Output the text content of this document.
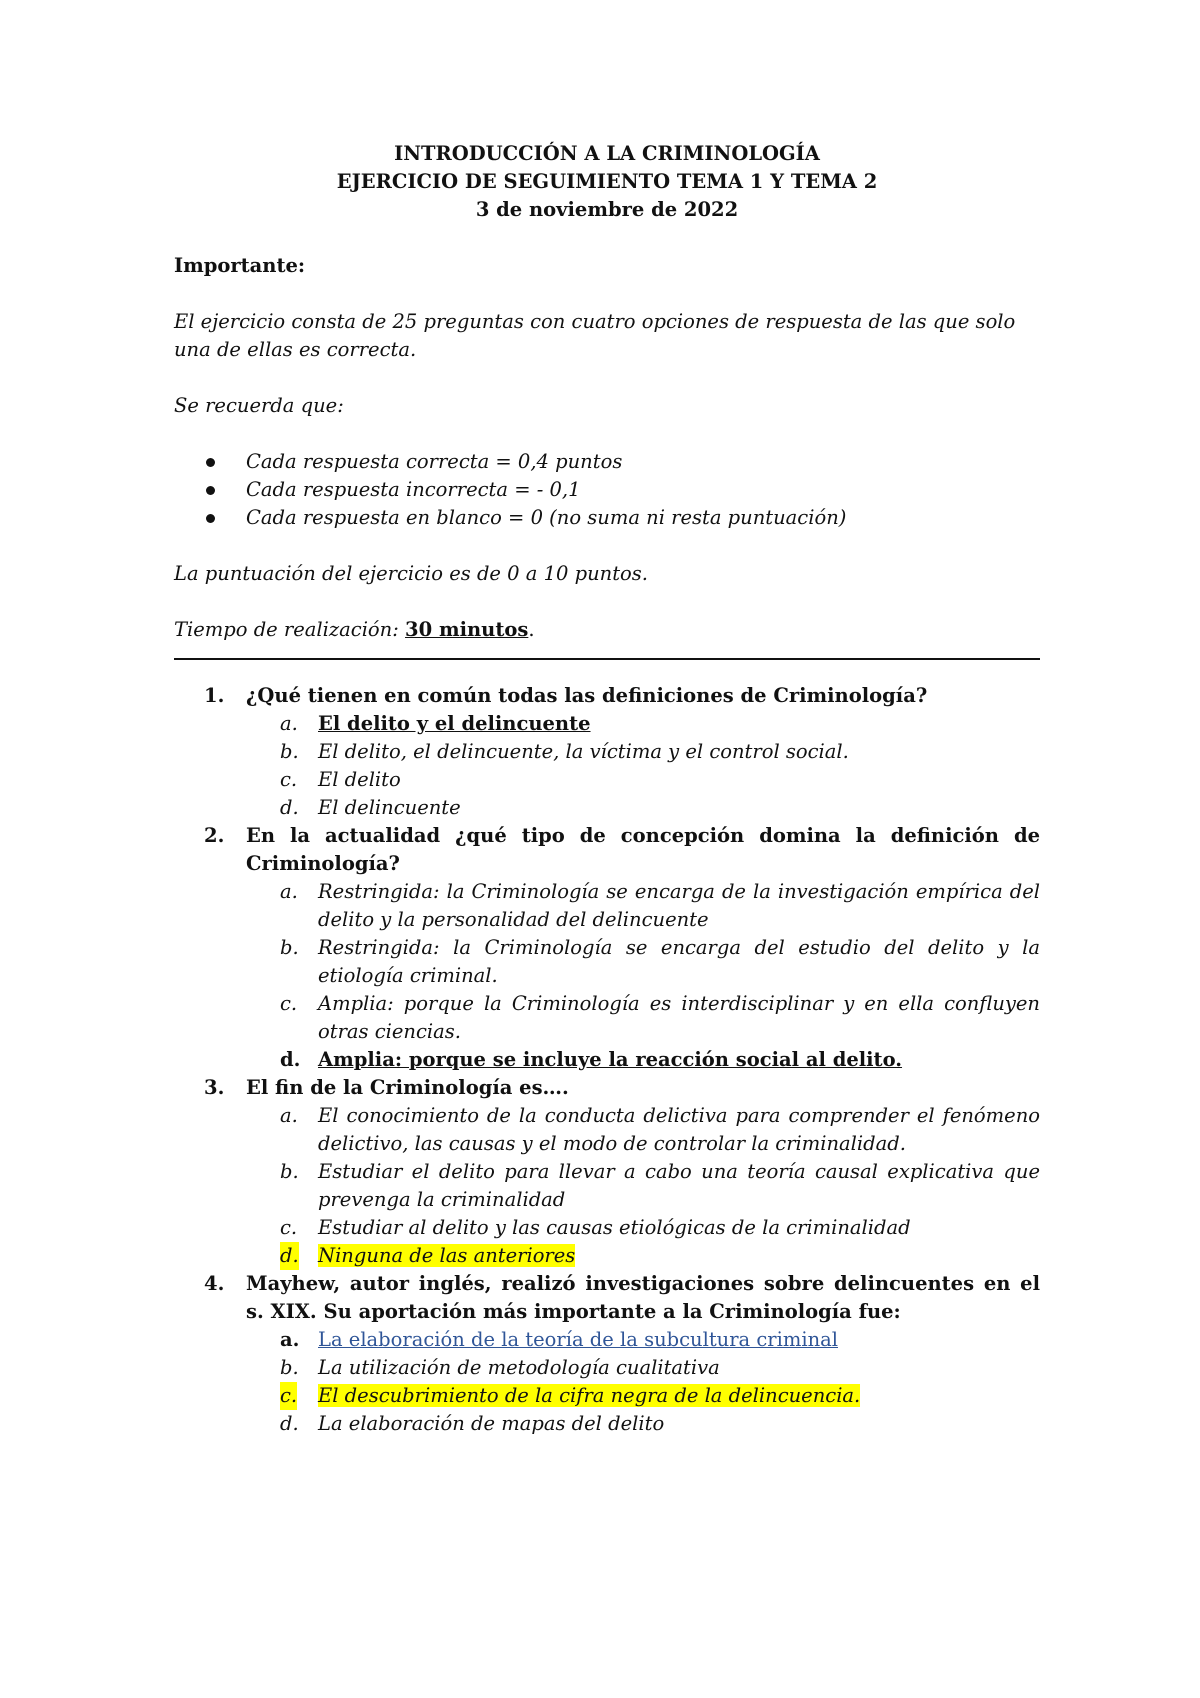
INTRODUCCIÓN A LA CRIMINOLOGÍA
EJERCICIO DE SEGUIMIENTO TEMA 1 Y TEMA 2
3 de noviembre de 2022

Importante:

El ejercicio consta de 25 preguntas con cuatro opciones de respuesta de las que solo una de ellas es correcta.

Se recuerda que:

Cada respuesta correcta = 0,4 puntos
Cada respuesta incorrecta = - 0,1
Cada respuesta en blanco = 0 (no suma ni resta puntuación)

La puntuación del ejercicio es de 0 a 10 puntos.

Tiempo de realización: 30 minutos.

1. ¿Qué tienen en común todas las definiciones de Criminología?
a. El delito y el delincuente
b. El delito, el delincuente, la víctima y el control social.
c. El delito
d. El delincuente
2. En la actualidad ¿qué tipo de concepción domina la definición de Criminología?
a. Restringida: la Criminología se encarga de la investigación empírica del delito y la personalidad del delincuente
b. Restringida: la Criminología se encarga del estudio del delito y la etiología criminal.
c. Amplia: porque la Criminología es interdisciplinar y en ella confluyen otras ciencias.
d. Amplia: porque se incluye la reacción social al delito.
3. El fin de la Criminología es….
a. El conocimiento de la conducta delictiva para comprender el fenómeno delictivo, las causas y el modo de controlar la criminalidad.
b. Estudiar el delito para llevar a cabo una teoría causal explicativa que prevenga la criminalidad
c. Estudiar al delito y las causas etiológicas de la criminalidad
d. Ninguna de las anteriores
4. Mayhew, autor inglés, realizó investigaciones sobre delincuentes en el s. XIX. Su aportación más importante a la Criminología fue:
a. La elaboración de la teoría de la subcultura criminal
b. La utilización de metodología cualitativa
c. El descubrimiento de la cifra negra de la delincuencia.
d. La elaboración de mapas del delito
